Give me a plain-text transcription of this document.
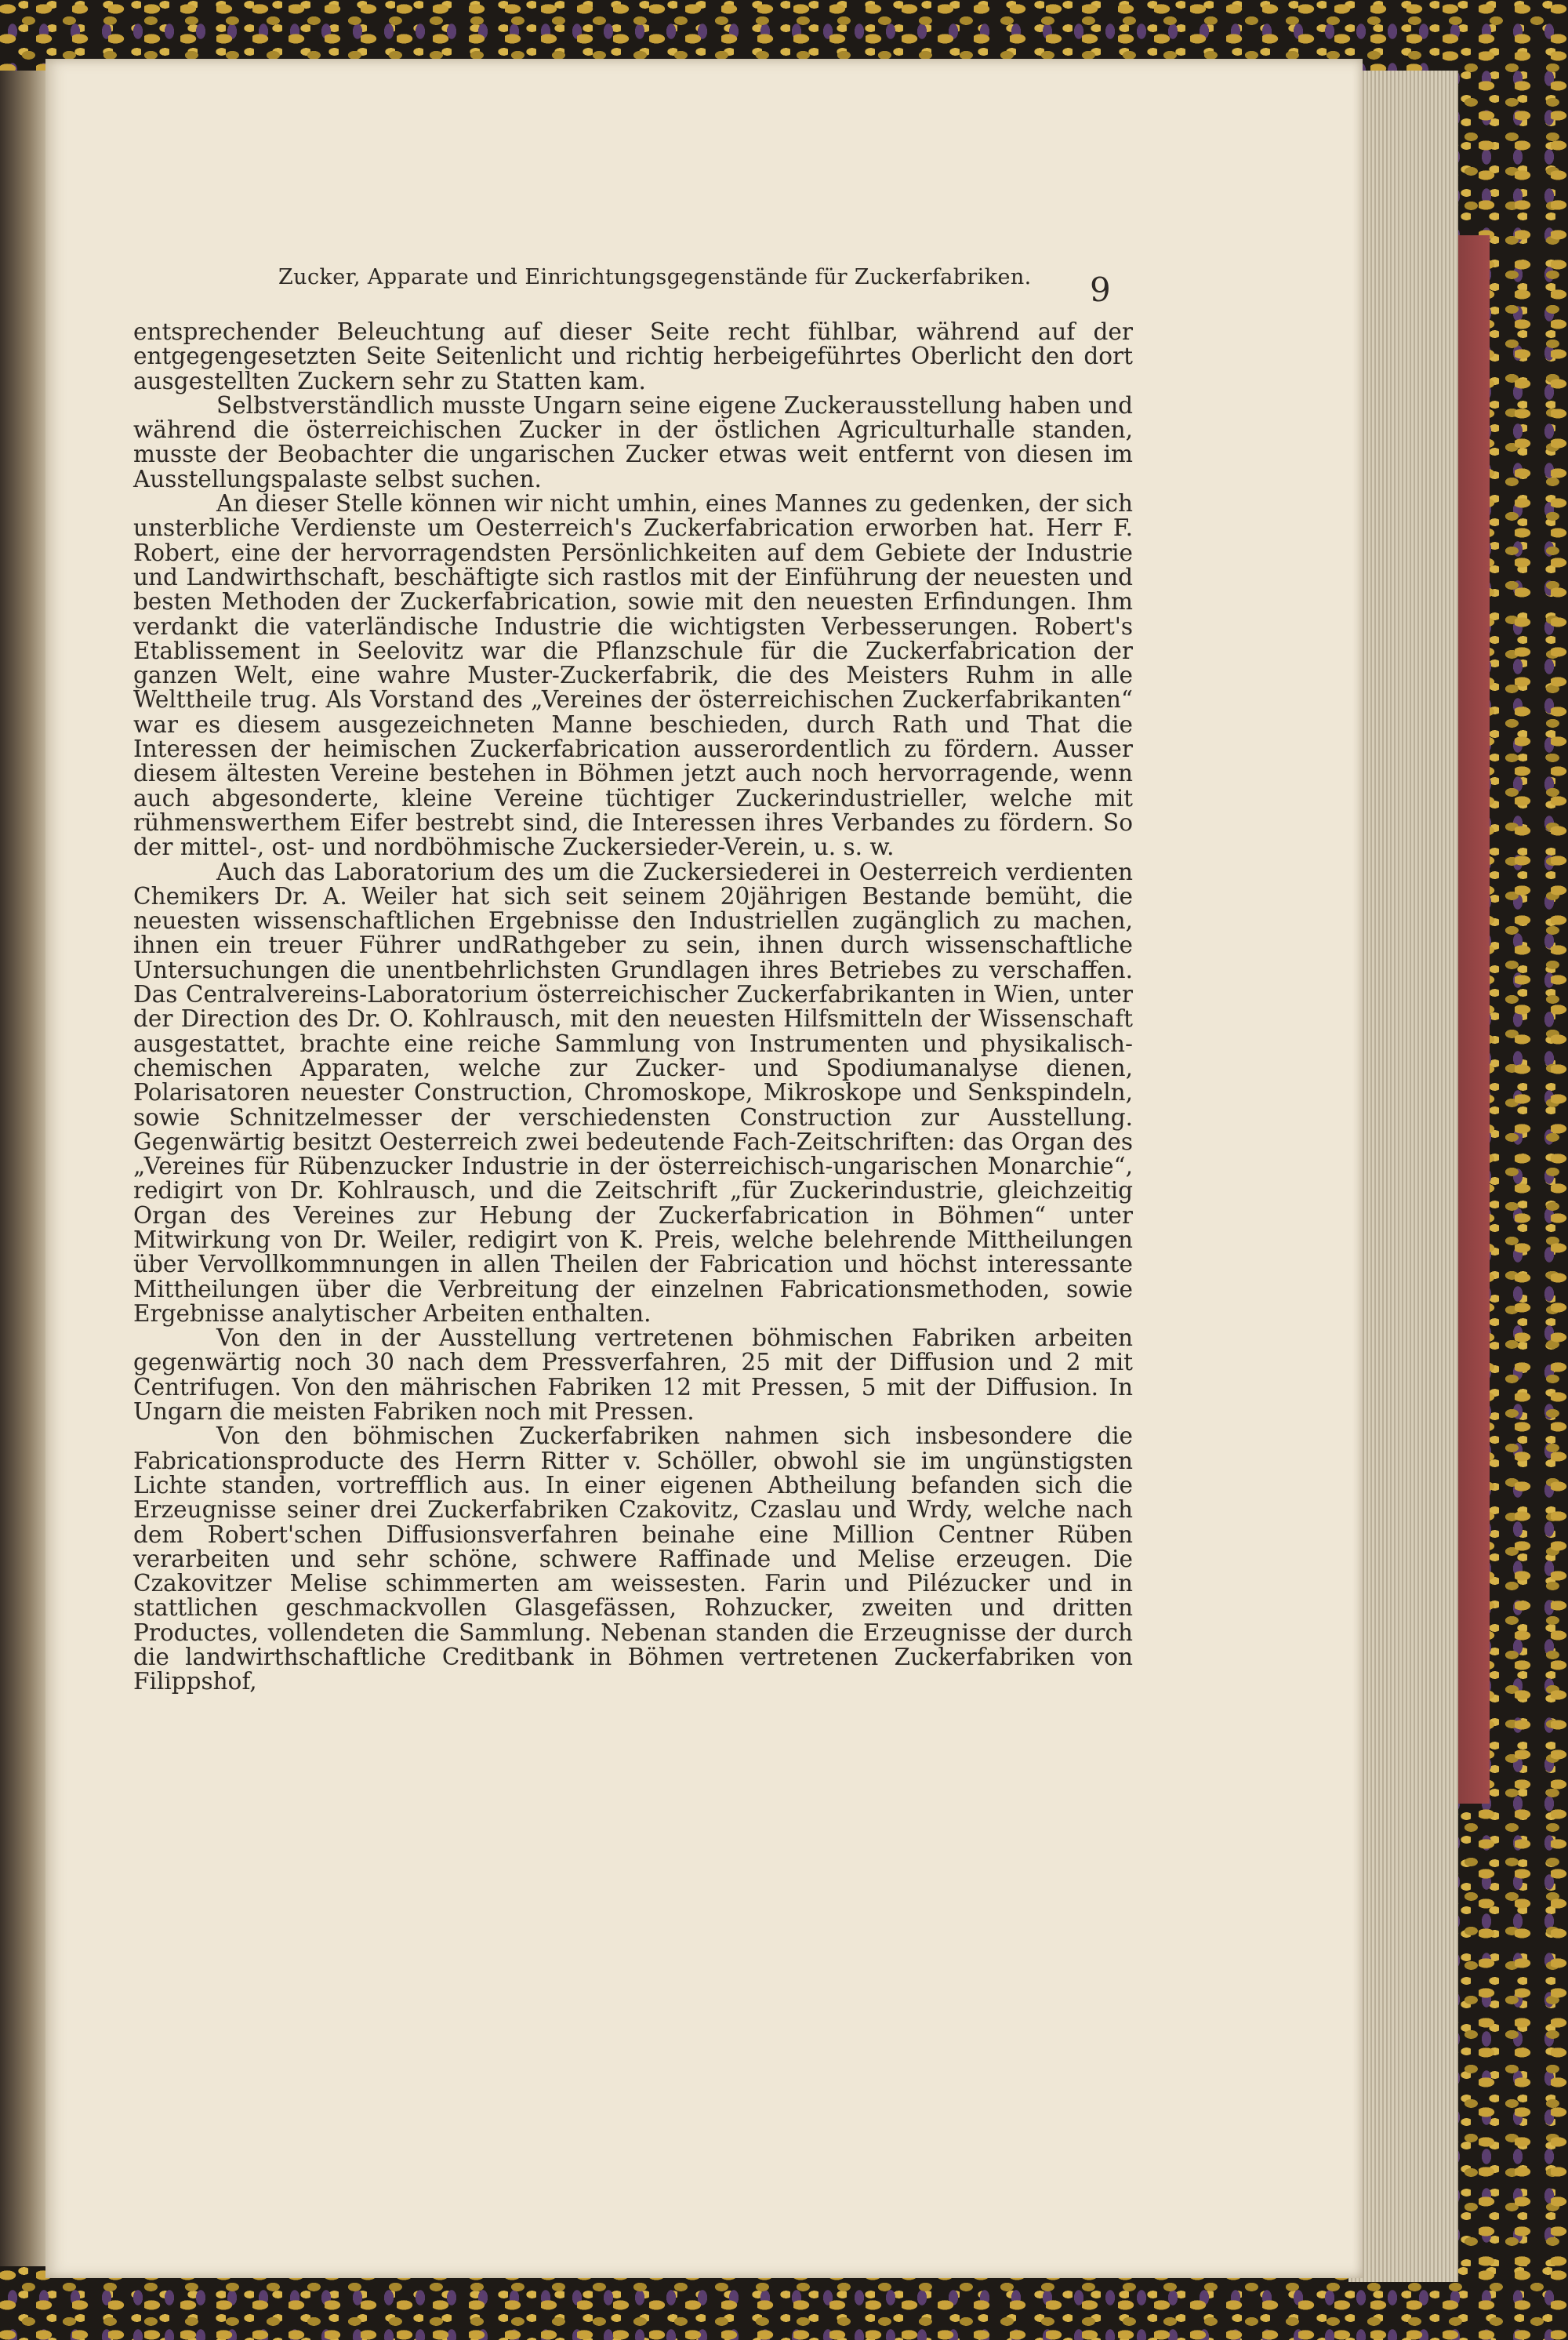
Zucker, Apparate und Einrichtungsgegenstände für Zuckerfabriken.	9

entsprechender Beleuchtung auf dieser Seite recht fühlbar, während auf der entgegengesetzten Seite Seitenlicht und richtig herbeigeführtes Oberlicht den dort ausgestellten Zuckern sehr zu Statten kam.

Selbstverständlich musste Ungarn seine eigene Zuckerausstellung haben und während die österreichischen Zucker in der östlichen Agriculturhalle standen, musste der Beobachter die ungarischen Zucker etwas weit entfernt von diesen im Ausstellungspalaste selbst suchen.

An dieser Stelle können wir nicht umhin, eines Mannes zu gedenken, der sich unsterbliche Verdienste um Oesterreich's Zuckerfabrication erworben hat. Herr F. Robert, eine der hervorragendsten Persönlichkeiten auf dem Gebiete der Industrie und Landwirthschaft, beschäftigte sich rastlos mit der Einführung der neuesten und besten Methoden der Zuckerfabrication, sowie mit den neuesten Erfindungen. Ihm verdankt die vaterländische Industrie die wichtigsten Verbesserungen. Robert's Etablissement in Seelovitz war die Pflanzschule für die Zuckerfabrication der ganzen Welt, eine wahre Muster-Zuckerfabrik, die des Meisters Ruhm in alle Welttheile trug. Als Vorstand des „Vereines der österreichischen Zuckerfabrikanten“ war es diesem ausgezeichneten Manne beschieden, durch Rath und That die Interessen der heimischen Zuckerfabrication ausserordentlich zu fördern. Ausser diesem ältesten Vereine bestehen in Böhmen jetzt auch noch hervorragende, wenn auch abgesonderte, kleine Vereine tüchtiger Zuckerindustrieller, welche mit rühmenswerthem Eifer bestrebt sind, die Interessen ihres Verbandes zu fördern. So der mittel-, ost- und nordböhmische Zuckersieder-Verein, u. s. w.

Auch das Laboratorium des um die Zuckersiederei in Oesterreich verdienten Chemikers Dr. A. Weiler hat sich seit seinem 20jährigen Bestande bemüht, die neuesten wissenschaftlichen Ergebnisse den Industriellen zugänglich zu machen, ihnen ein treuer Führer undRathgeber zu sein, ihnen durch wissenschaftliche Untersuchungen die unentbehrlichsten Grundlagen ihres Betriebes zu verschaffen. Das Centralvereins-Laboratorium österreichischer Zuckerfabrikanten in Wien, unter der Direction des Dr. O. Kohlrausch, mit den neuesten Hilfsmitteln der Wissenschaft ausgestattet, brachte eine reiche Sammlung von Instrumenten und physikalisch-chemischen Apparaten, welche zur Zucker- und Spodiumanalyse dienen, Polarisatoren neuester Construction, Chromoskope, Mikroskope und Senkspindeln, sowie Schnitzelmesser der verschiedensten Construction zur Ausstellung. Gegenwärtig besitzt Oesterreich zwei bedeutende Fach-Zeitschriften: das Organ des „Vereines für Rübenzucker Industrie in der österreichisch-ungarischen Monarchie“, redigirt von Dr. Kohlrausch, und die Zeitschrift „für Zuckerindustrie, gleichzeitig Organ des Vereines zur Hebung der Zuckerfabrication in Böhmen“ unter Mitwirkung von Dr. Weiler, redigirt von K. Preis, welche belehrende Mittheilungen über Vervollkommnungen in allen Theilen der Fabrication und höchst interessante Mittheilungen über die Verbreitung der einzelnen Fabricationsmethoden, sowie Ergebnisse analytischer Arbeiten enthalten.

Von den in der Ausstellung vertretenen böhmischen Fabriken arbeiten gegenwärtig noch 30 nach dem Pressverfahren, 25 mit der Diffusion und 2 mit Centrifugen. Von den mährischen Fabriken 12 mit Pressen, 5 mit der Diffusion. In Ungarn die meisten Fabriken noch mit Pressen.

Von den böhmischen Zuckerfabriken nahmen sich insbesondere die Fabricationsproducte des Herrn Ritter v. Schöller, obwohl sie im ungünstigsten Lichte standen, vortrefflich aus. In einer eigenen Abtheilung befanden sich die Erzeugnisse seiner drei Zuckerfabriken Czakovitz, Czaslau und Wrdy, welche nach dem Robert'schen Diffusionsverfahren beinahe eine Million Centner Rüben verarbeiten und sehr schöne, schwere Raffinade und Melise erzeugen. Die Czakovitzer Melise schimmerten am weissesten. Farin und Pilézucker und in stattlichen geschmackvollen Glasgefässen, Rohzucker, zweiten und dritten Productes, vollendeten die Sammlung. Nebenan standen die Erzeugnisse der durch die landwirthschaftliche Creditbank in Böhmen vertretenen Zuckerfabriken von Filippshof,
